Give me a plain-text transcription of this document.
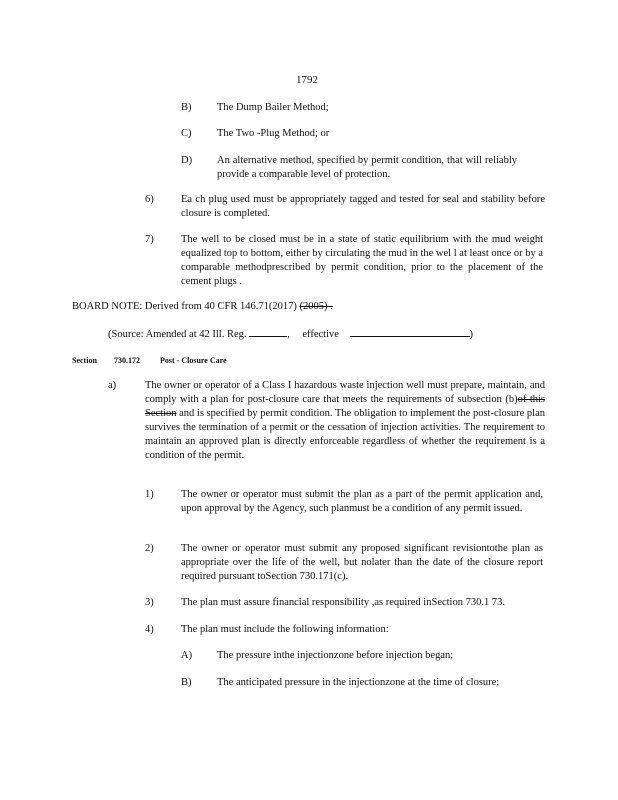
1792
B)	The Dump Bailer Method;
C)	The Two -Plug Method; or
D)	An alternative method, specified by permit condition, that will reliably provide a comparable level of protection.
6)	Ea ch plug used must be appropriately tagged and tested for seal and stability before closure is completed.
7)	The well to be closed must be in a state of static equilibrium with the mud weight equalized top to bottom, either by circulating the mud in the wel l at least once or by a comparable methodprescribed by permit condition, prior to the placement of the cement plugs .
BOARD NOTE: Derived from 40 CFR 146.71(2017) (2005) .
(Source: Amended at 42 Ill. Reg.	, effective	)
Section 730.172	Post - Closure Care
a)	The owner or operator of a Class I hazardous waste injection well must prepare, maintain, and comply with a plan for post-closure care that meets the requirements of subsection (b)of this Section and is specified by permit condition. The obligation to implement the post-closure plan survives the termination of a permit or the cessation of injection activities. The requirement to maintain an approved plan is directly enforceable regardless of whether the requirement is a condition of the permit.
1)	The owner or operator must submit the plan as a part of the permit application and, upon approval by the Agency, such planmust be a condition of any permit issued.
2)	The owner or operator must submit any proposed significant revisiontothe plan as appropriate over the life of the well, but nolater than the date of the closure report required pursuant toSection 730.171(c).
3)	The plan must assure financial responsibility ,as required inSection 730.1 73.
4)	The plan must include the following information:
A)	The pressure inthe injectionzone before injection began;
B)	The anticipated pressure in the injectionzone at the time of closure;
